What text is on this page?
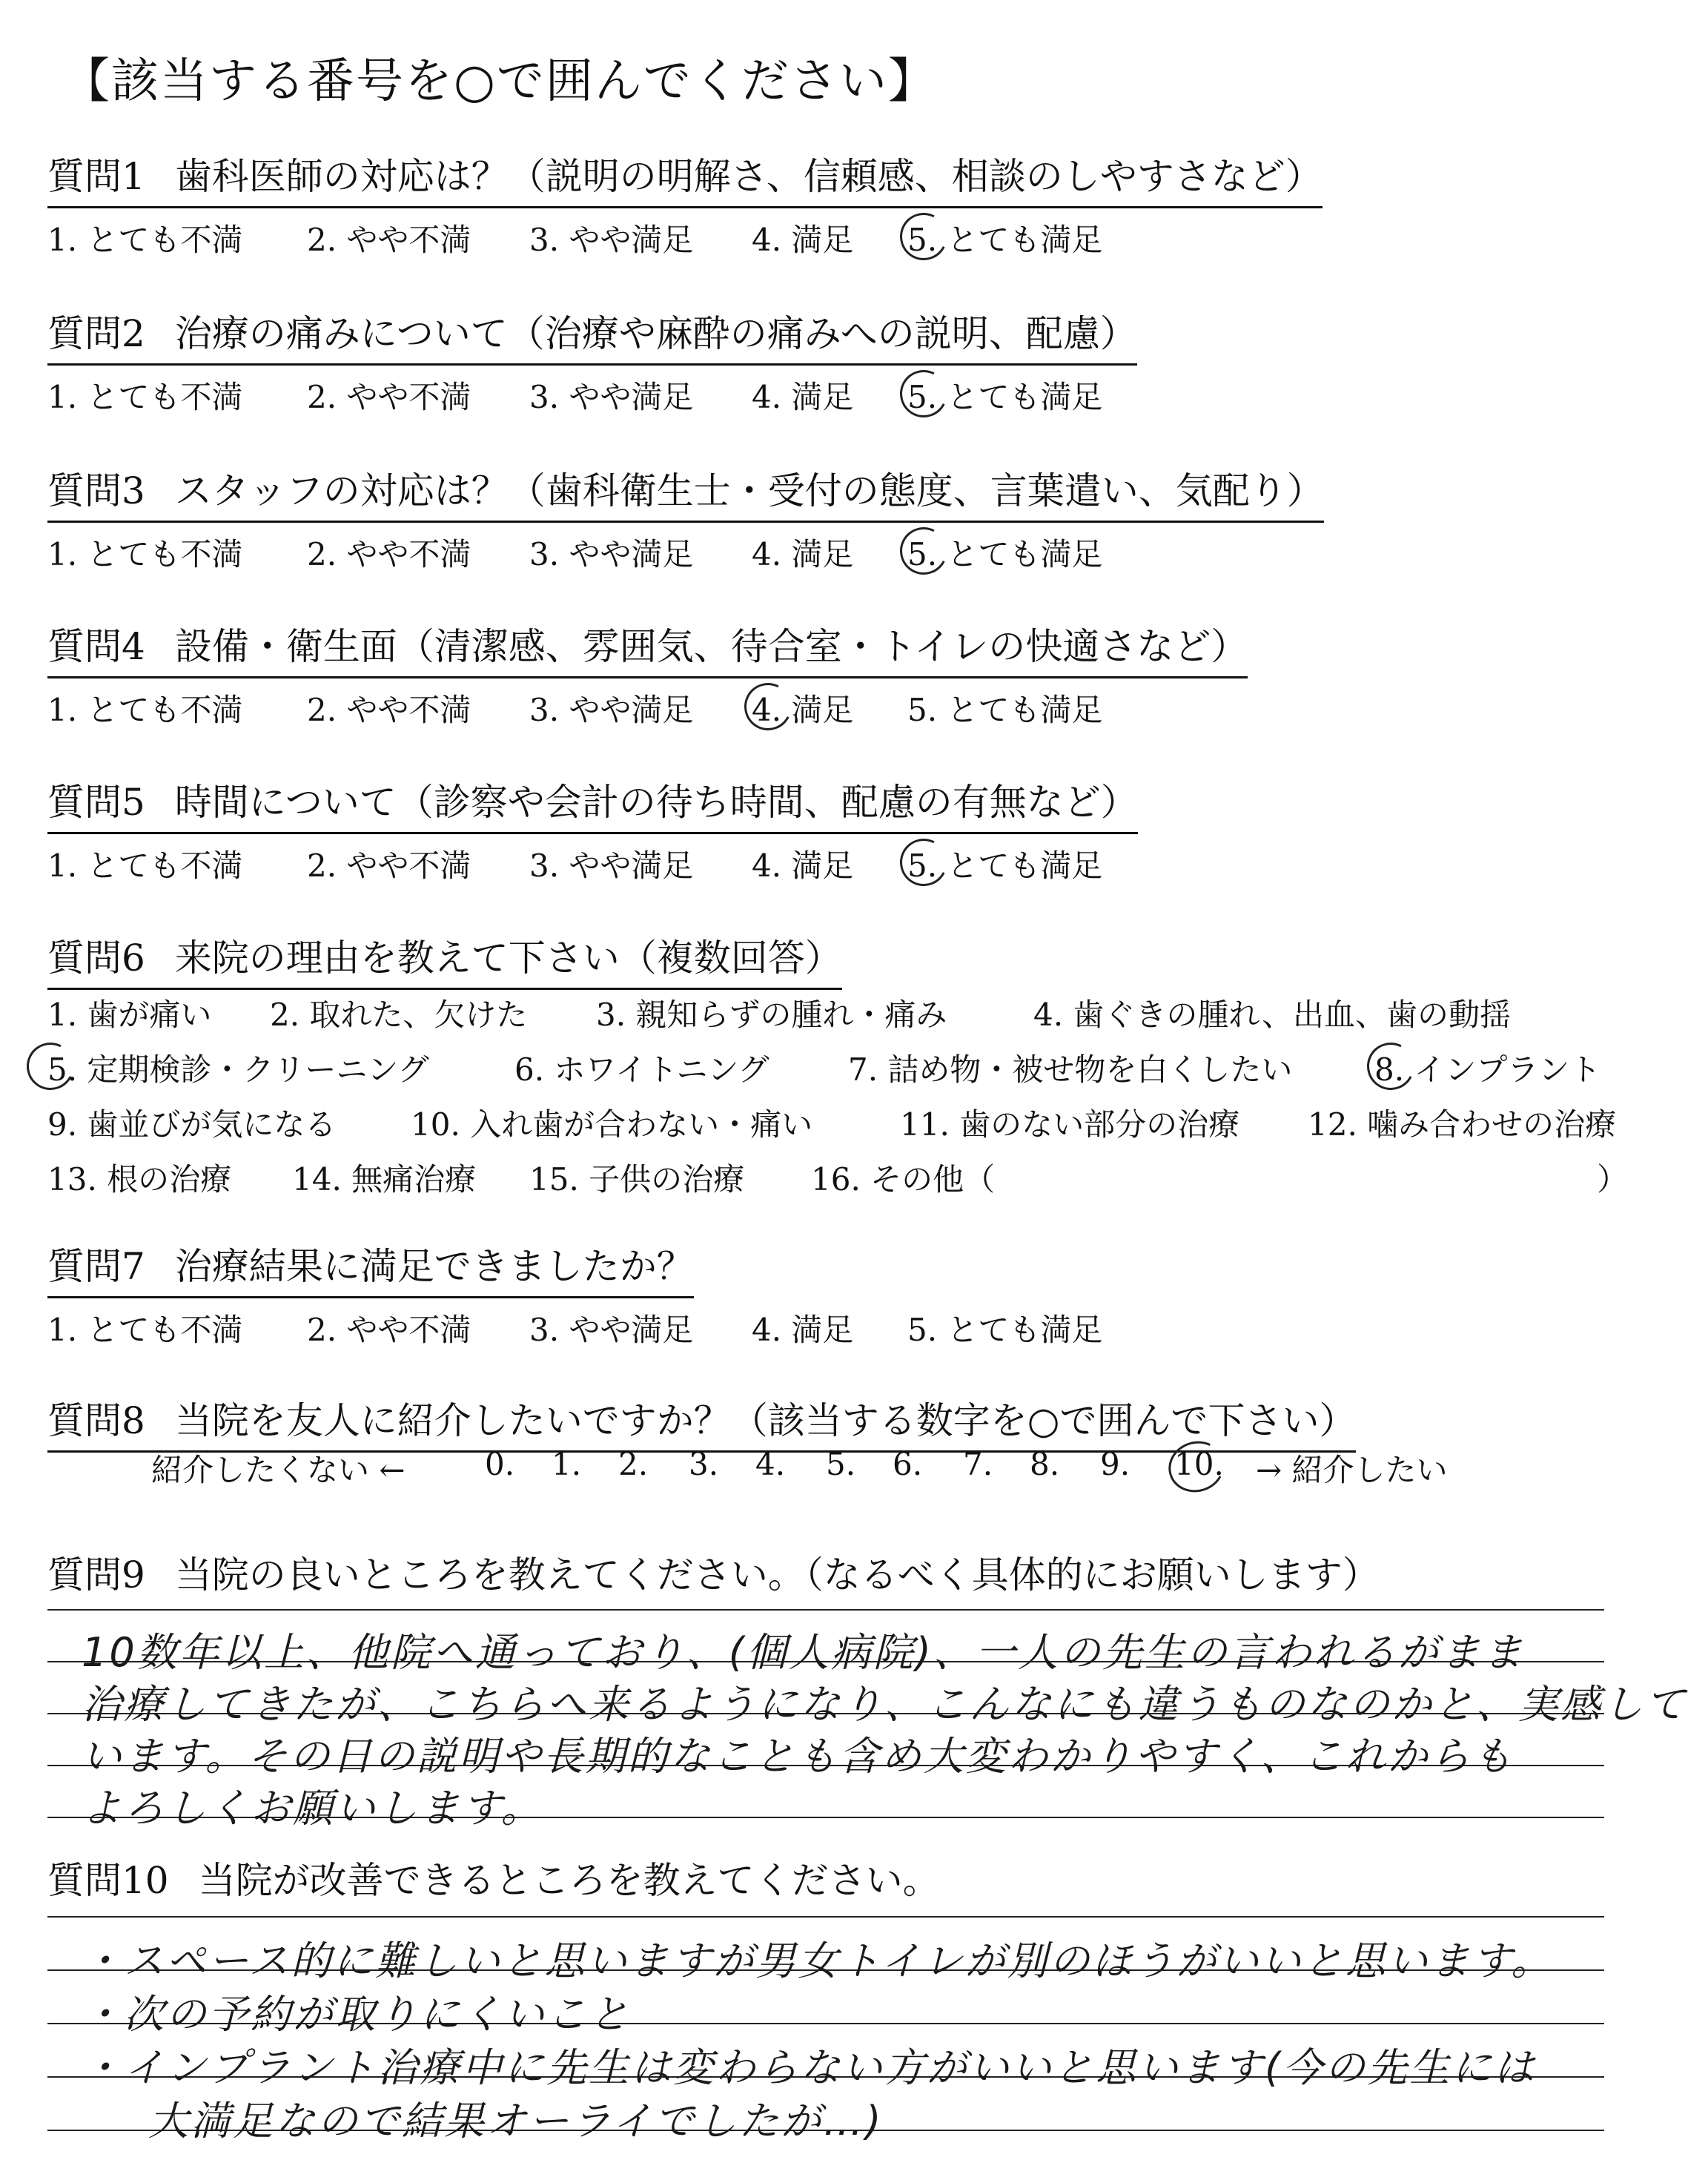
【該当する番号を○で囲んでください】
質問1 歯科医師の対応は？（説明の明解さ、信頼感、相談のしやすさなど）
1. とても不満 2. やや不満 3. やや満足 4. 満足 5. とても満足
質問2 治療の痛みについて（治療や麻酔の痛みへの説明、配慮）
1. とても不満 2. やや不満 3. やや満足 4. 満足 5. とても満足
質問3 スタッフの対応は？（歯科衛生士・受付の態度、言葉遣い、気配り）
1. とても不満 2. やや不満 3. やや満足 4. 満足 5. とても満足
質問4 設備・衛生面（清潔感、雰囲気、待合室・トイレの快適さなど）
1. とても不満 2. やや不満 3. やや満足 4. 満足 5. とても満足
質問5 時間について（診察や会計の待ち時間、配慮の有無など）
1. とても不満 2. やや不満 3. やや満足 4. 満足 5. とても満足
質問6 来院の理由を教えて下さい（複数回答）
1. 歯が痛い 2. 取れた、欠けた 3. 親知らずの腫れ・痛み	4. 歯ぐきの腫れ、出血、歯の動揺
5. 定期検診・クリーニング	6. ホワイトニング	7. 詰め物・被せ物を白くしたい	8. インプラント
9. 歯並びが気になる 10. 入れ歯が合わない・痛い	11. 歯のない部分の治療 12. 噛み合わせの治療
13. 根の治療 14. 無痛治療 15. 子供の治療 16. その他（	）
質問7 治療結果に満足できましたか？
1. とても不満 2. やや不満 3. やや満足 4. 満足 5. とても満足
質問8 当院を友人に紹介したいですか？（該当する数字を○で囲んで下さい）
紹介したくない ←	0. 1. 2. 3. 4. 5. 6. 7. 8. 9. 10. → 紹介したい
質問9 当院の良いところを教えてください。（なるべく具体的にお願いします）
10数年以上、他院へ通っており、(個人病院)、一人の先生の言われるがまま
治療してきたが、こちらへ来るようになり、こんなにも違うものなのかと、実感して
います。その日の説明や長期的なことも含め大変わかりやすく、これからも
よろしくお願いします。
質問10 当院が改善できるところを教えてください。
・スペース的に難しいと思いますが男女トイレが別のほうがいいと思います。
・次の予約が取りにくいこと
・インプラント治療中に先生は変わらない方がいいと思います(今の先生には
大満足なので結果オーライでしたが…)
